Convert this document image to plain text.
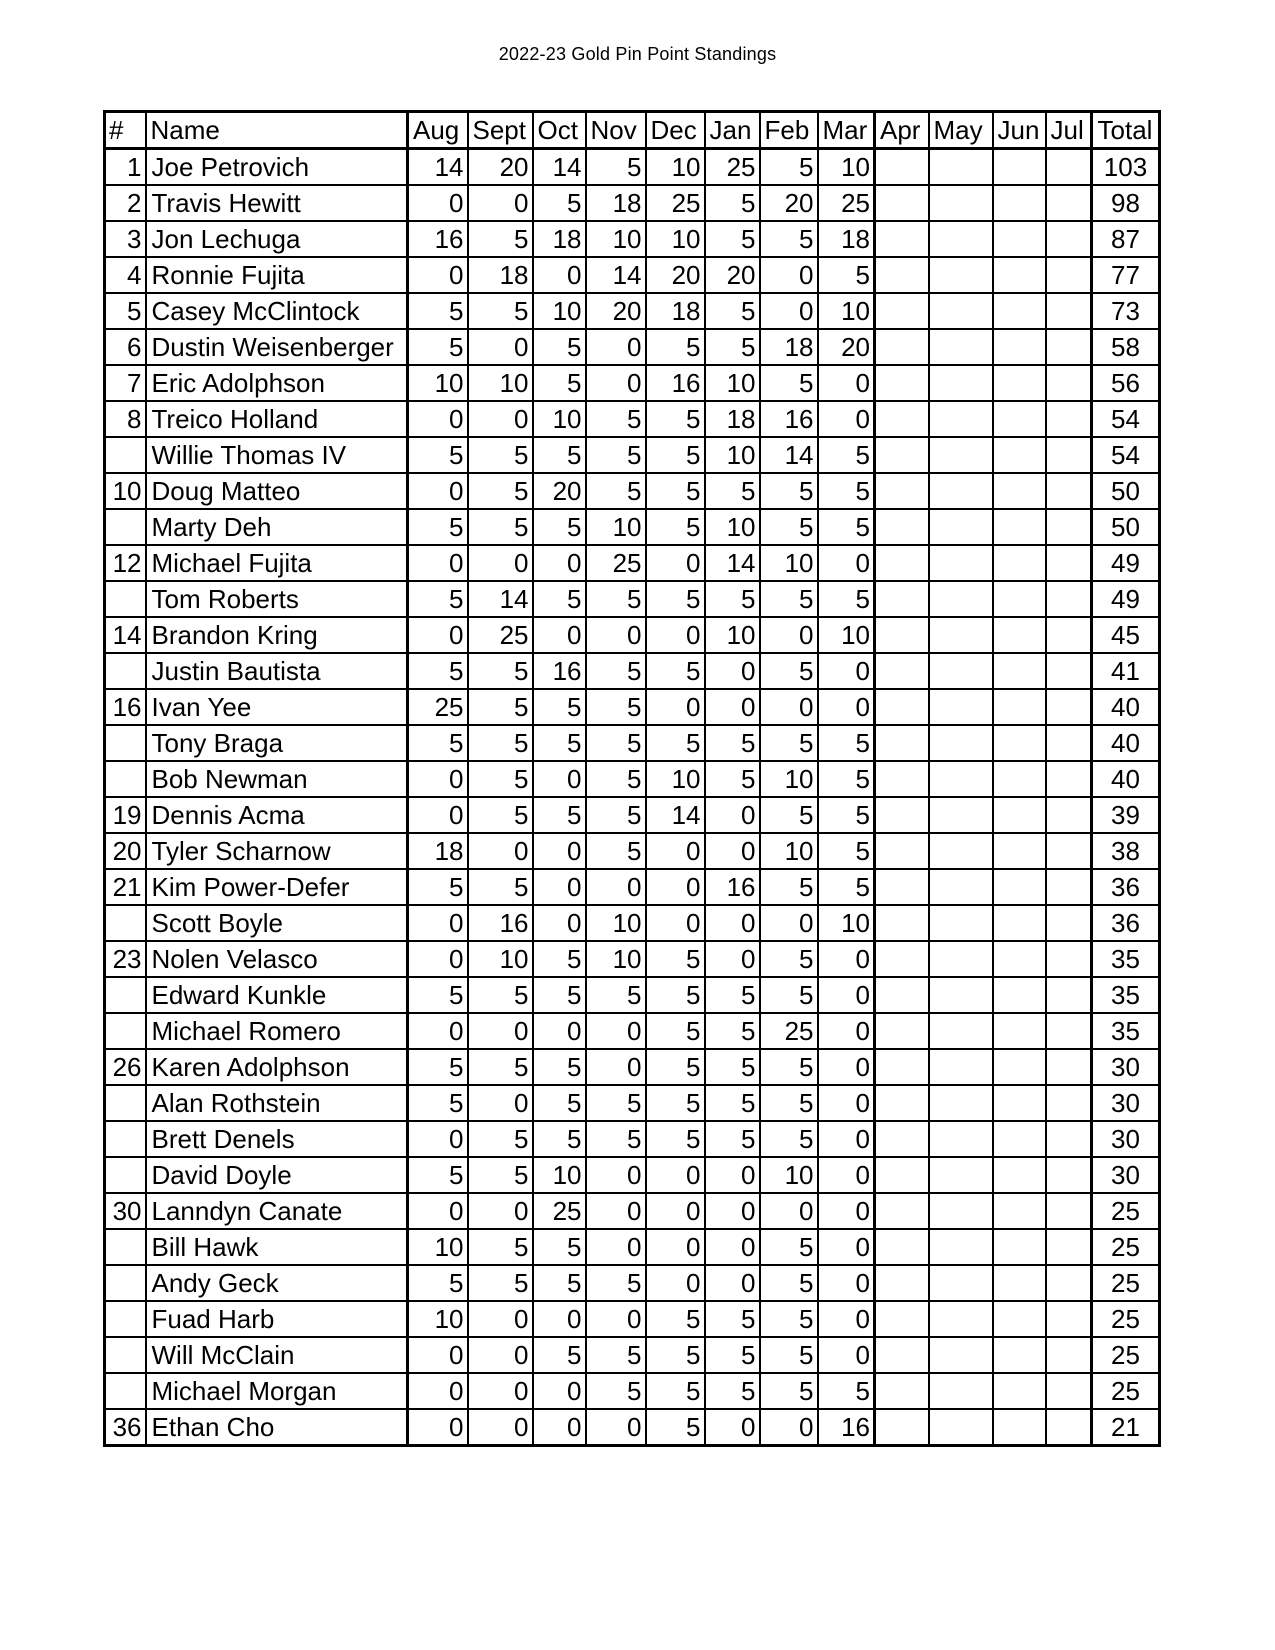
2022-23 Gold Pin Point Standings
#	Name	Aug	Sept	Oct	Nov	Dec	Jan	Feb	Mar	Apr	May	Jun	Jul	Total
1	Joe Petrovich	14	20	14	5	10	25	5	10					103
2	Travis Hewitt	0	0	5	18	25	5	20	25					98
3	Jon Lechuga	16	5	18	10	10	5	5	18					87
4	Ronnie Fujita	0	18	0	14	20	20	0	5					77
5	Casey McClintock	5	5	10	20	18	5	0	10					73
6	Dustin Weisenberger	5	0	5	0	5	5	18	20					58
7	Eric Adolphson	10	10	5	0	16	10	5	0					56
8	Treico Holland	0	0	10	5	5	18	16	0					54
	Willie Thomas IV	5	5	5	5	5	10	14	5					54
10	Doug Matteo	0	5	20	5	5	5	5	5					50
	Marty Deh	5	5	5	10	5	10	5	5					50
12	Michael Fujita	0	0	0	25	0	14	10	0					49
	Tom Roberts	5	14	5	5	5	5	5	5					49
14	Brandon Kring	0	25	0	0	0	10	0	10					45
	Justin Bautista	5	5	16	5	5	0	5	0					41
16	Ivan Yee	25	5	5	5	0	0	0	0					40
	Tony Braga	5	5	5	5	5	5	5	5					40
	Bob Newman	0	5	0	5	10	5	10	5					40
19	Dennis Acma	0	5	5	5	14	0	5	5					39
20	Tyler Scharnow	18	0	0	5	0	0	10	5					38
21	Kim Power-Defer	5	5	0	0	0	16	5	5					36
	Scott Boyle	0	16	0	10	0	0	0	10					36
23	Nolen Velasco	0	10	5	10	5	0	5	0					35
	Edward Kunkle	5	5	5	5	5	5	5	0					35
	Michael Romero	0	0	0	0	5	5	25	0					35
26	Karen Adolphson	5	5	5	0	5	5	5	0					30
	Alan Rothstein	5	0	5	5	5	5	5	0					30
	Brett Denels	0	5	5	5	5	5	5	0					30
	David Doyle	5	5	10	0	0	0	10	0					30
30	Lanndyn Canate	0	0	25	0	0	0	0	0					25
	Bill Hawk	10	5	5	0	0	0	5	0					25
	Andy Geck	5	5	5	5	0	0	5	0					25
	Fuad Harb	10	0	0	0	5	5	5	0					25
	Will McClain	0	0	5	5	5	5	5	0					25
	Michael Morgan	0	0	0	5	5	5	5	5					25
36	Ethan Cho	0	0	0	0	5	0	0	16					21
